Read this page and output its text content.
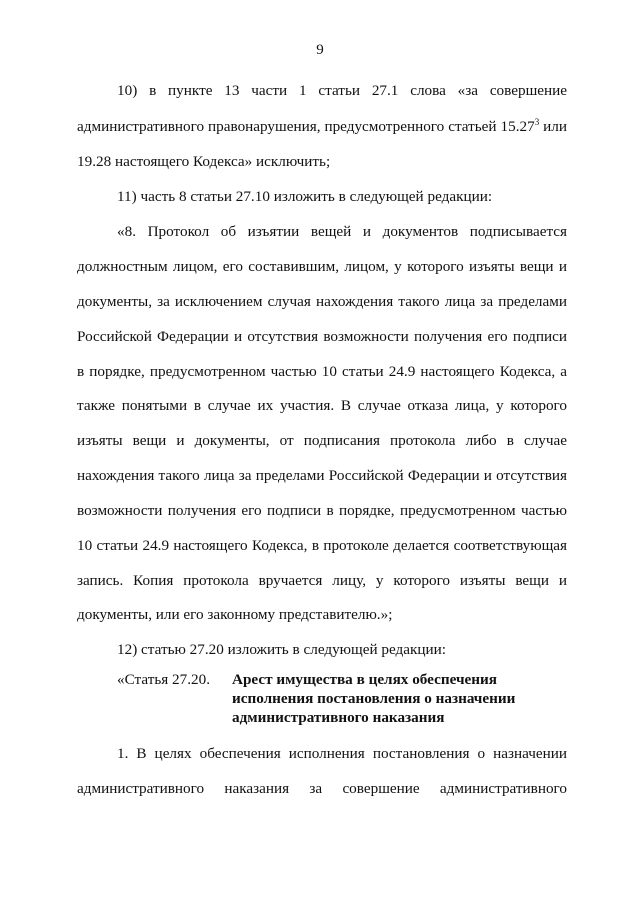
9
10) в пункте 13 части 1 статьи 27.1 слова «за совершение
административного правонарушения, предусмотренного статьей 15.27$^3$ или
19.28 настоящего Кодекса» исключить;
11) часть 8 статьи 27.10 изложить в следующей редакции:
«8. Протокол об изъятии вещей и документов подписывается
должностным лицом, его составившим, лицом, у которого изъяты вещи и
документы, за исключением случая нахождения такого лица за пределами
Российской Федерации и отсутствия возможности получения его подписи
в порядке, предусмотренном частью 10 статьи 24.9 настоящего Кодекса, а
также понятыми в случае их участия. В случае отказа лица, у которого
изъяты вещи и документы, от подписания протокола либо в случае
нахождения такого лица за пределами Российской Федерации и отсутствия
возможности получения его подписи в порядке, предусмотренном частью
10 статьи 24.9 настоящего Кодекса, в протоколе делается соответствующая
запись. Копия протокола вручается лицу, у которого изъяты вещи и
документы, или его законному представителю.»;
12) статью 27.20 изложить в следующей редакции:
«Статья 27.20. Арест имущества в целях обеспечения
исполнения постановления о назначении
административного наказания
1. В целях обеспечения исполнения постановления о назначении
административного наказания за совершение административного
